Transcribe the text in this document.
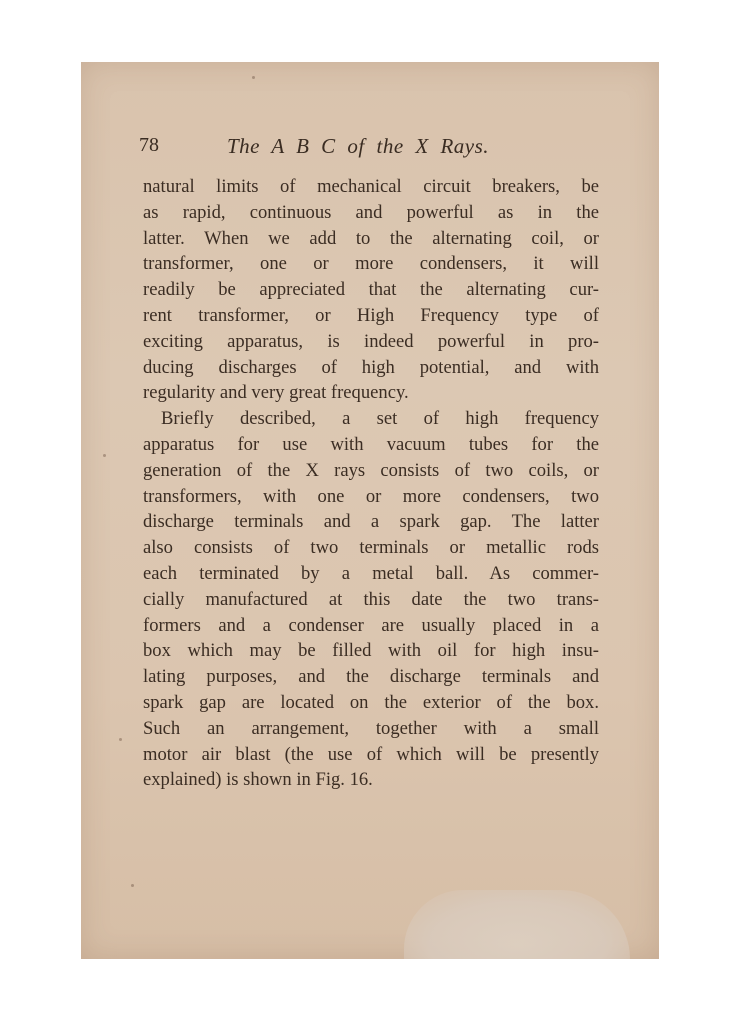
78	The A B C of the X Rays.
natural limits of mechanical circuit breakers, be
as rapid, continuous and powerful as in the
latter. When we add to the alternating coil, or
transformer, one or more condensers, it will
readily be appreciated that the alternating cur-
rent transformer, or High Frequency type of
exciting apparatus, is indeed powerful in pro-
ducing discharges of high potential, and with
regularity and very great frequency.
Briefly described, a set of high frequency
apparatus for use with vacuum tubes for the
generation of the X rays consists of two coils, or
transformers, with one or more condensers, two
discharge terminals and a spark gap. The latter
also consists of two terminals or metallic rods
each terminated by a metal ball. As commer-
cially manufactured at this date the two trans-
formers and a condenser are usually placed in a
box which may be filled with oil for high insu-
lating purposes, and the discharge terminals and
spark gap are located on the exterior of the box.
Such an arrangement, together with a small
motor air blast (the use of which will be presently
explained) is shown in Fig. 16.
